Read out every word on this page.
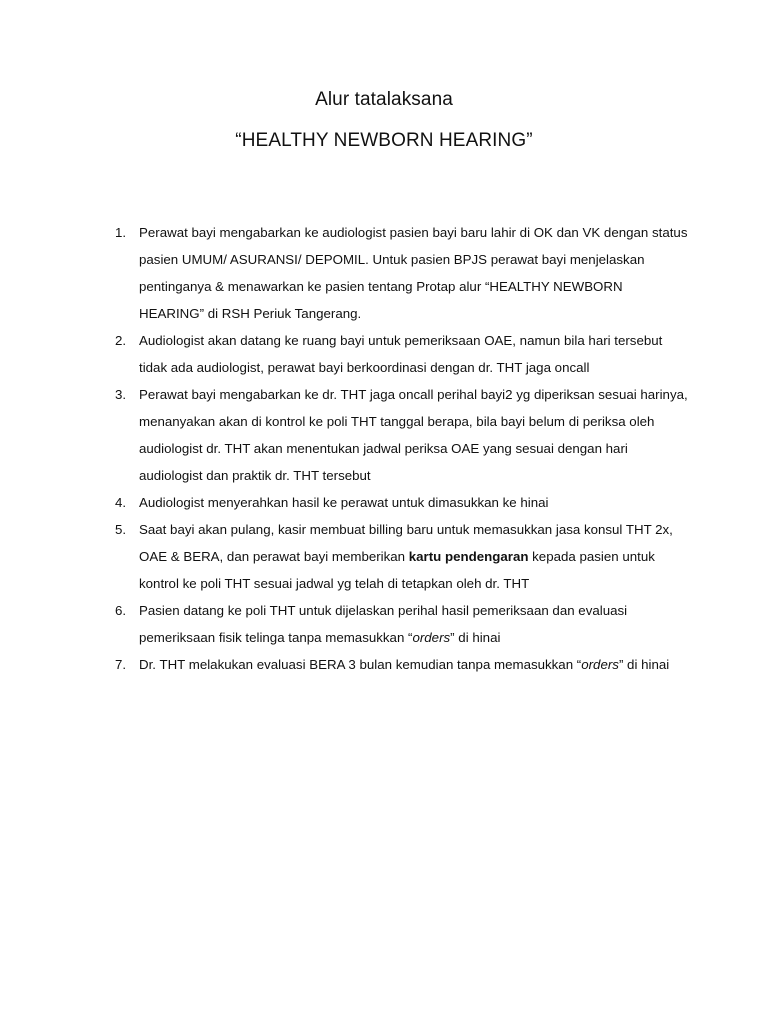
Alur tatalaksana
“HEALTHY NEWBORN HEARING”
1. Perawat bayi mengabarkan ke audiologist pasien bayi baru lahir di OK dan VK dengan status pasien UMUM/ ASURANSI/ DEPOMIL. Untuk pasien BPJS perawat bayi menjelaskan pentinganya & menawarkan ke pasien tentang Protap alur “HEALTHY NEWBORN HEARING” di RSH Periuk Tangerang.
2. Audiologist akan datang ke ruang bayi untuk pemeriksaan OAE, namun bila hari tersebut tidak ada audiologist, perawat bayi berkoordinasi dengan dr. THT jaga oncall
3. Perawat bayi mengabarkan ke dr. THT jaga oncall perihal bayi2 yg diperiksan sesuai harinya, menanyakan akan di kontrol ke poli THT tanggal berapa, bila bayi belum di periksa oleh audiologist dr. THT akan menentukan jadwal periksa OAE yang sesuai dengan hari audiologist dan praktik dr. THT tersebut
4. Audiologist menyerahkan hasil ke perawat untuk dimasukkan ke hinai
5. Saat bayi akan pulang, kasir membuat billing baru untuk memasukkan jasa konsul THT 2x, OAE & BERA, dan perawat bayi memberikan kartu pendengaran kepada pasien untuk kontrol ke poli THT sesuai jadwal yg telah di tetapkan oleh dr. THT
6. Pasien datang ke poli THT untuk dijelaskan perihal hasil pemeriksaan dan evaluasi pemeriksaan fisik telinga tanpa memasukkan “orders” di hinai
7. Dr. THT melakukan evaluasi BERA 3 bulan kemudian tanpa memasukkan “orders” di hinai
